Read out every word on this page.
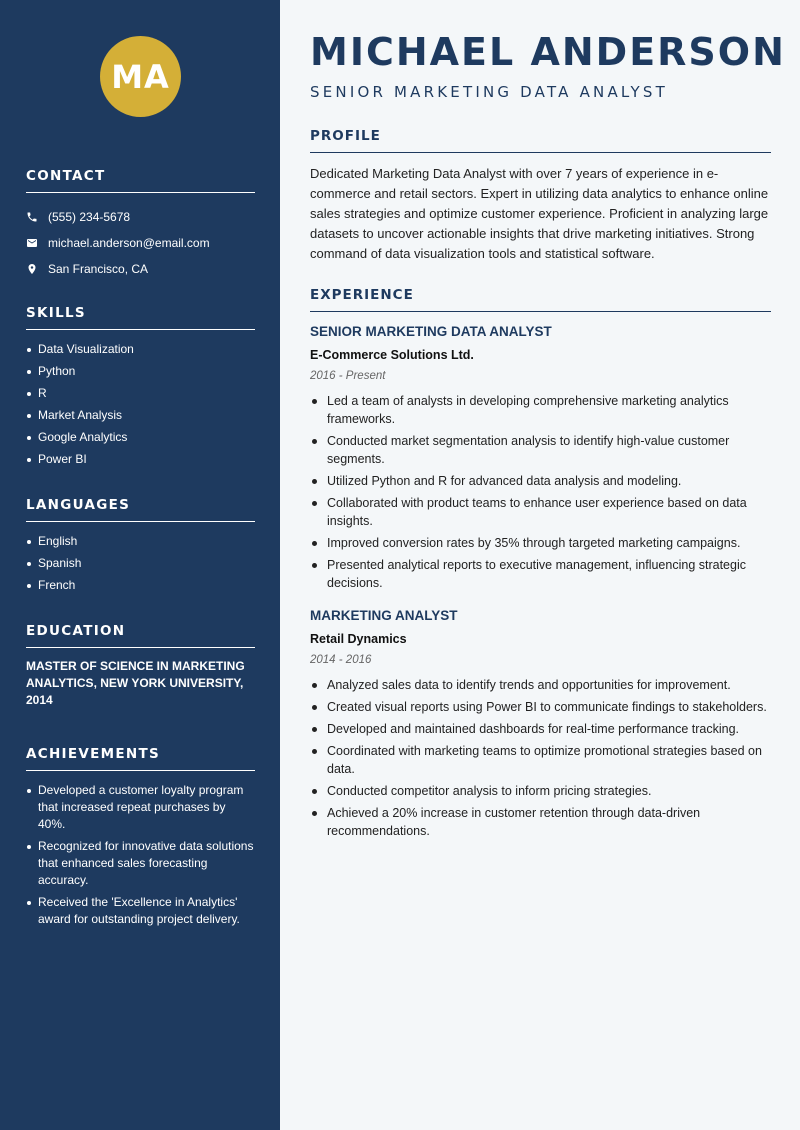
MA
CONTACT
(555) 234-5678
michael.anderson@email.com
San Francisco, CA
SKILLS
Data Visualization
Python
R
Market Analysis
Google Analytics
Power BI
LANGUAGES
English
Spanish
French
EDUCATION

MASTER OF SCIENCE IN MARKETING ANALYTICS, NEW YORK UNIVERSITY, 2014

ACHIEVEMENTS
Developed a customer loyalty program that increased repeat purchases by 40%.
Recognized for innovative data solutions that enhanced sales forecasting accuracy.
Received the 'Excellence in Analytics' award for outstanding project delivery.
MICHAEL ANDERSON
SENIOR MARKETING DATA ANALYST
PROFILE

Dedicated Marketing Data Analyst with over 7 years of experience in e-commerce and retail sectors. Expert in utilizing data analytics to enhance online sales strategies and optimize customer experience. Proficient in analyzing large datasets to uncover actionable insights that drive marketing initiatives. Strong command of data visualization tools and statistical software.

EXPERIENCE
SENIOR MARKETING DATA ANALYST
E-Commerce Solutions Ltd.
2016 - Present
Led a team of analysts in developing comprehensive marketing analytics frameworks.
Conducted market segmentation analysis to identify high-value customer segments.
Utilized Python and R for advanced data analysis and modeling.
Collaborated with product teams to enhance user experience based on data insights.
Improved conversion rates by 35% through targeted marketing campaigns.
Presented analytical reports to executive management, influencing strategic decisions.
MARKETING ANALYST
Retail Dynamics
2014 - 2016
Analyzed sales data to identify trends and opportunities for improvement.
Created visual reports using Power BI to communicate findings to stakeholders.
Developed and maintained dashboards for real-time performance tracking.
Coordinated with marketing teams to optimize promotional strategies based on data.
Conducted competitor analysis to inform pricing strategies.
Achieved a 20% increase in customer retention through data-driven recommendations.
